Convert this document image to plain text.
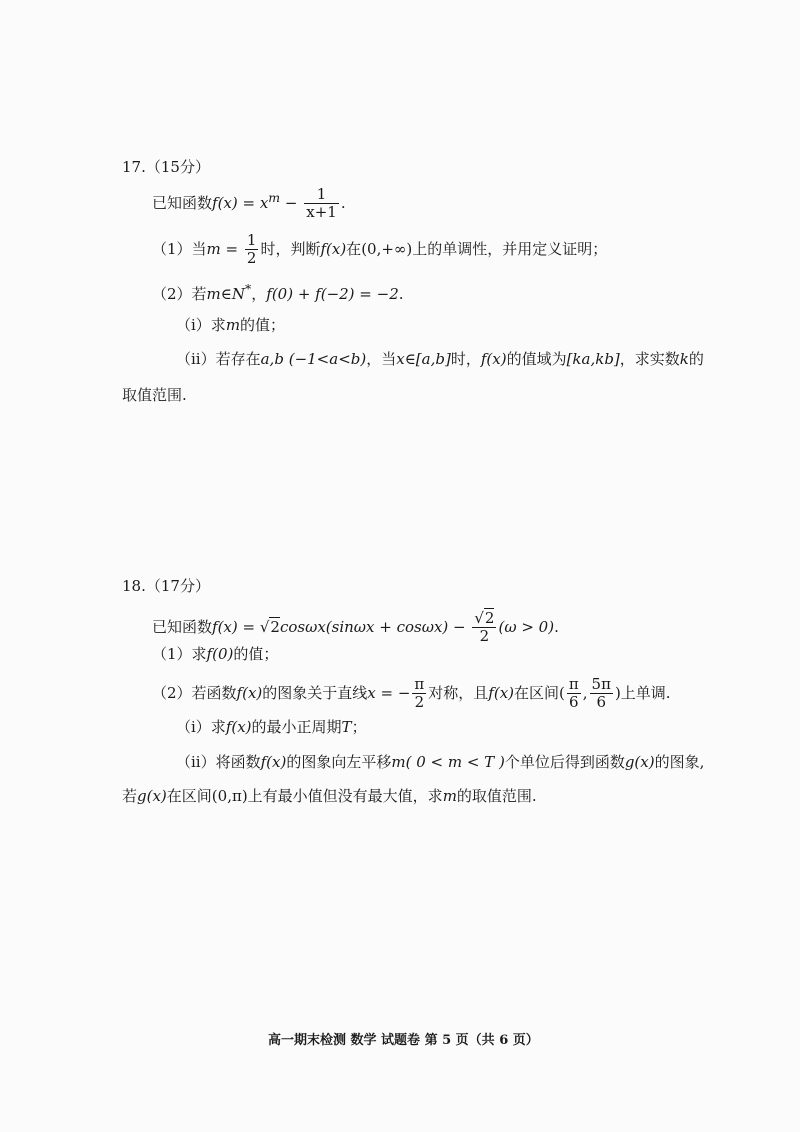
17.（15分）
已知函数$f(x) = x^m - \frac{1}{x+1}$ .
（1）当$m = \frac{1}{2}$ 时，判断f(x)在(0,+∞)上的单调性，并用定义证明；
（2）若m∈N*，f(0) + f(−2) = −2.
（i）求m的值；
（ii）若存在a,b (−1<a<b)，当x∈[a,b]时，f(x)的值域为[ka,kb]，求实数k的
取值范围.
18.（17分）
已知函数$f(x) = √2\cos\omega x(\sin\omega x + \cos\omega x) - \frac{√2}{2} (\omega > 0)$.
（1）求f(0)的值；
（2）若函数f(x)的图象关于直线x = − $\frac{\pi}{2}$ 对称，且f(x)在区间( $\frac{\pi}{6}$ , $\frac{5\pi}{6}$ )上单调.
（i）求f(x)的最小正周期T；
（ii）将函数f(x)的图象向左平移m( 0 < m < T )个单位后得到函数g(x)的图象,
若g(x)在区间(0,π)上有最小值但没有最大值，求m的取值范围.
高一期末检测 数学 试题卷 第 5 页（共 6 页）
